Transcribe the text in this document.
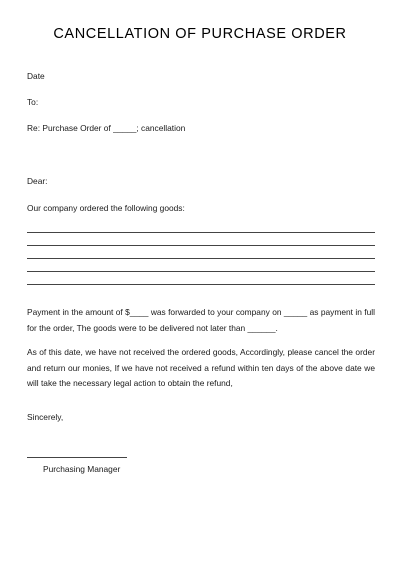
CANCELLATION OF PURCHASE ORDER
Date
To:
Re: Purchase Order of _____; cancellation
Dear:
Our company ordered the following goods:
Payment in the amount of $____ was forwarded to your company on _____ as payment in full for the order, The goods were to be delivered not later than ______.
As of this date, we have not received the ordered goods, Accordingly, please cancel the order and return our monies, If we have not received a refund within ten days of the above date we will take the necessary legal action to obtain the refund,
Sincerely,
Purchasing Manager
